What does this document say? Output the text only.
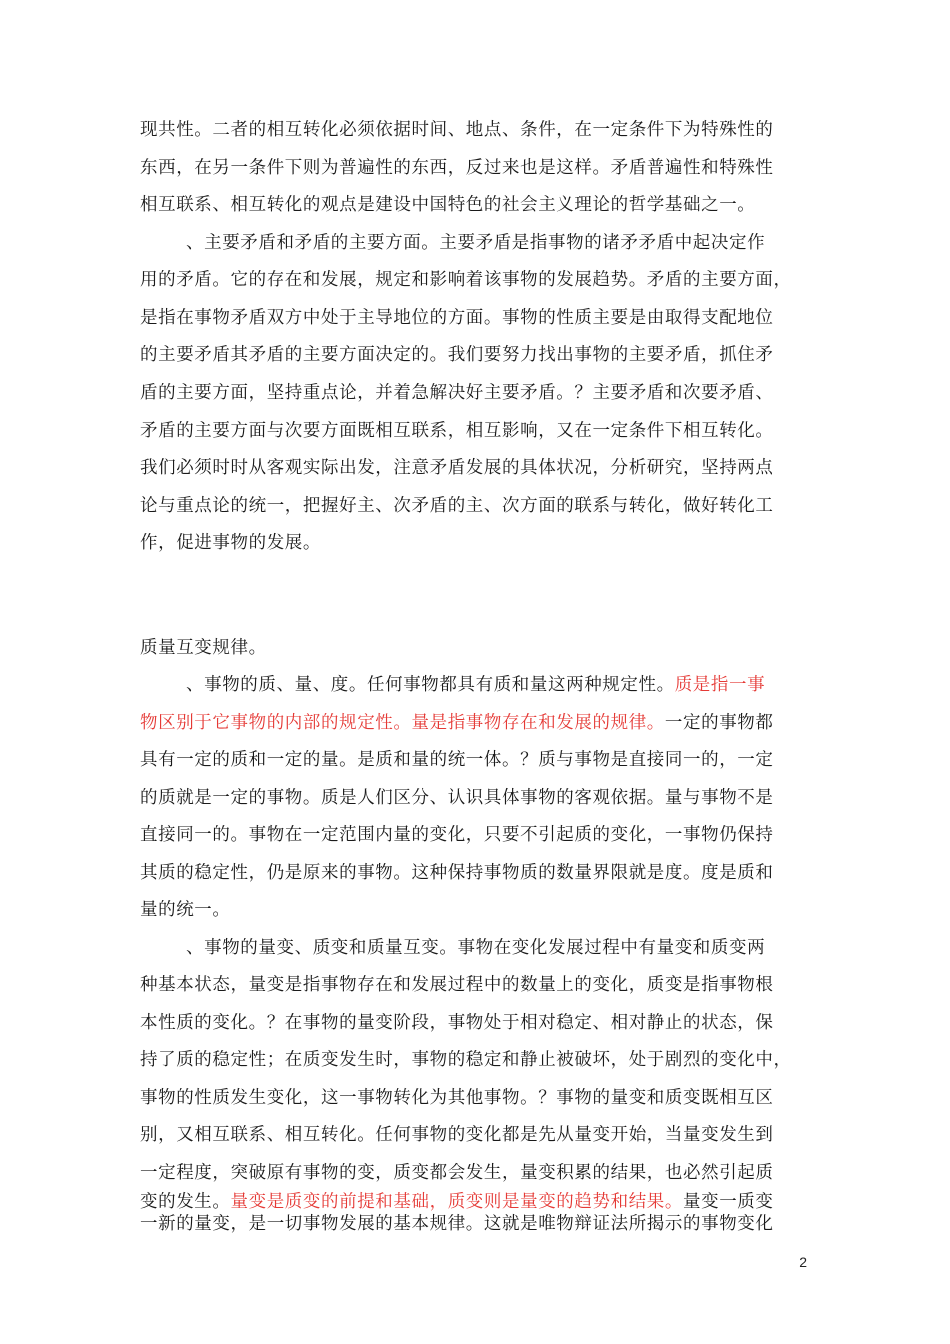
现共性。二者的相互转化必须依据时间、地点、条件，在一定条件下为特殊性的
东西，在另一条件下则为普遍性的东西，反过来也是这样。矛盾普遍性和特殊性
相互联系、相互转化的观点是建设中国特色的社会主义理论的哲学基础之一。
、主要矛盾和矛盾的主要方面。主要矛盾是指事物的诸矛矛盾中起决定作
用的矛盾。它的存在和发展，规定和影响着该事物的发展趋势。矛盾的主要方面，
是指在事物矛盾双方中处于主导地位的方面。事物的性质主要是由取得支配地位
的主要矛盾其矛盾的主要方面决定的。我们要努力找出事物的主要矛盾，抓住矛
盾的主要方面，坚持重点论，并着急解决好主要矛盾。？主要矛盾和次要矛盾、
矛盾的主要方面与次要方面既相互联系，相互影响，又在一定条件下相互转化。
我们必须时时从客观实际出发，注意矛盾发展的具体状况，分析研究，坚持两点
论与重点论的统一，把握好主、次矛盾的主、次方面的联系与转化，做好转化工
作，促进事物的发展。
质量互变规律。
、事物的质、量、度。任何事物都具有质和量这两种规定性。质是指一事
物区别于它事物的内部的规定性。量是指事物存在和发展的规律。一定的事物都
具有一定的质和一定的量。是质和量的统一体。？质与事物是直接同一的，一定
的质就是一定的事物。质是人们区分、认识具体事物的客观依据。量与事物不是
直接同一的。事物在一定范围内量的变化，只要不引起质的变化，一事物仍保持
其质的稳定性，仍是原来的事物。这种保持事物质的数量界限就是度。度是质和
量的统一。
、事物的量变、质变和质量互变。事物在变化发展过程中有量变和质变两
种基本状态，量变是指事物存在和发展过程中的数量上的变化，质变是指事物根
本性质的变化。？在事物的量变阶段，事物处于相对稳定、相对静止的状态，保
持了质的稳定性；在质变发生时，事物的稳定和静止被破坏，处于剧烈的变化中，
事物的性质发生变化，这一事物转化为其他事物。？事物的量变和质变既相互区
别，又相互联系、相互转化。任何事物的变化都是先从量变开始，当量变发生到
一定程度，突破原有事物的变，质变都会发生，量变积累的结果，也必然引起质
变的发生。量变是质变的前提和基础，质变则是量变的趋势和结果。量变一质变
一新的量变，是一切事物发展的基本规律。这就是唯物辩证法所揭示的事物变化
2
